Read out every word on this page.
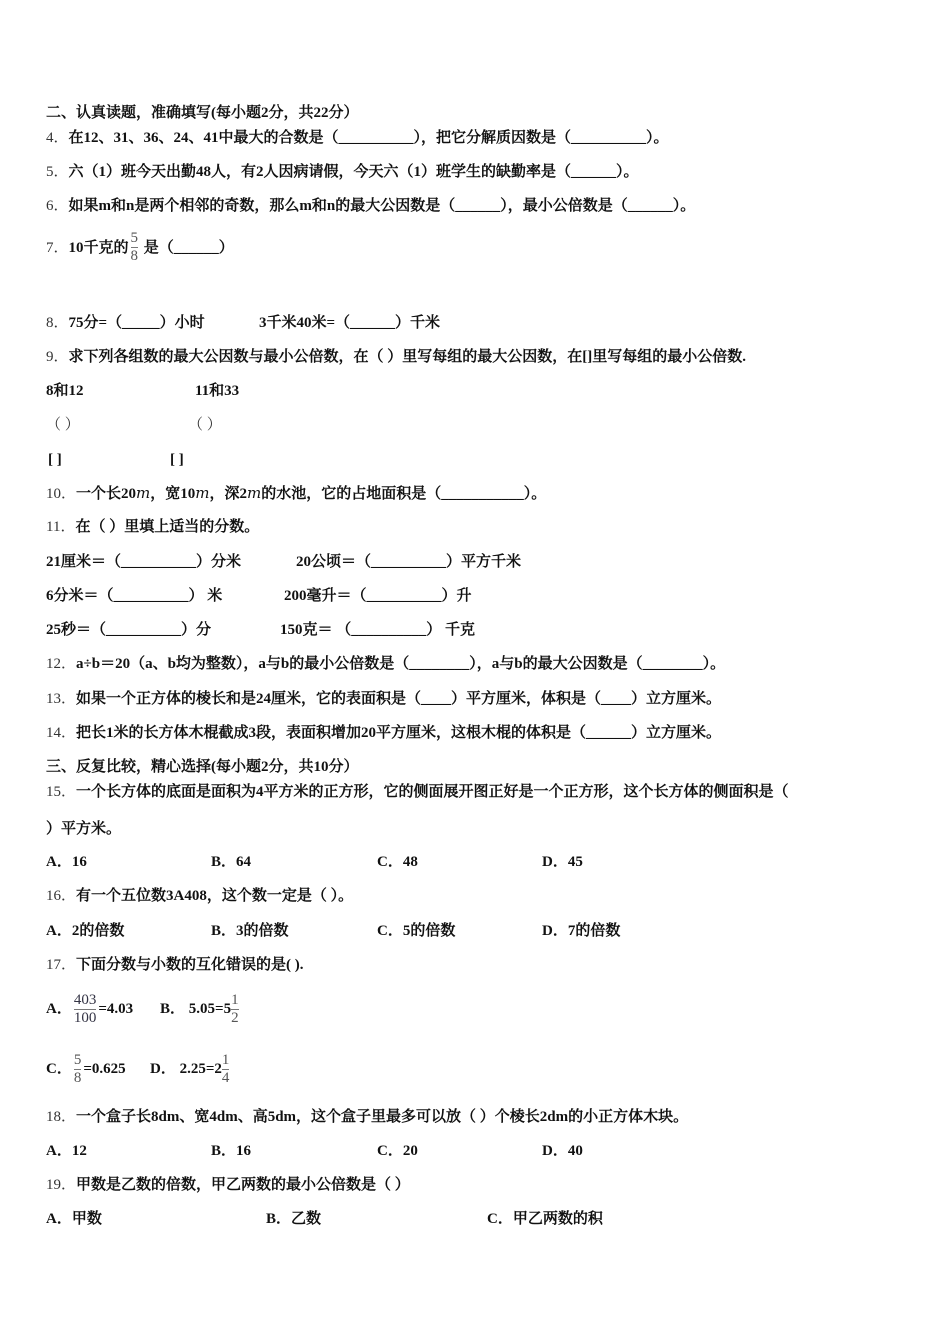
二、认真读题，准确填写(每小题2分，共22分）
4．在12、31、36、24、41中最大的合数是（__________），把它分解质因数是（__________）。
5．六（1）班今天出勤48人，有2人因病请假，今天六（1）班学生的缺勤率是（______）。
6．如果m和n是两个相邻的奇数，那么m和n的最大公因数是（______），最小公倍数是（______）。
7．10千克的 $\frac{5}{8}$ 是（______）
8．75分=（_____）小时	3千米40米=（______）千米
9．求下列各组数的最大公因数与最小公倍数，在（ ）里写每组的最大公因数，在[]里写每组的最小公倍数.
8和12	11和33
（ ）	（ ）
[ ]	[ ]
10．一个长20m，宽10m，深2m的水池，它的占地面积是（___________）。
11．在（ ）里填上适当的分数。
21厘米＝（__________）分米	20公顷＝（__________）平方千米
6分米＝（__________） 米	200毫升＝（__________）升
25秒＝（__________）分	150克＝ （__________） 千克
12．a÷b＝20（a、b均为整数），a与b的最小公倍数是（________），a与b的最大公因数是（________）。
13．如果一个正方体的棱长和是24厘米，它的表面积是（____）平方厘米，体积是（____）立方厘米。
14．把长1米的长方体木棍截成3段，表面积增加20平方厘米，这根木棍的体积是（______）立方厘米。
三、反复比较，精心选择(每小题2分，共10分）
15．一个长方体的底面是面积为4平方米的正方形，它的侧面展开图正好是一个正方形，这个长方体的侧面积是（
）平方米。
A．16	B．64	C．48	D．45
16．有一个五位数3A408，这个数一定是（ ）。
A．2的倍数	B．3的倍数	C．5的倍数	D．7的倍数
17．下面分数与小数的互化错误的是( ).
A． $\frac{403}{100} =4.03$ B． $5.05=5 \frac{1}{2}$
C． $\frac{5}{8} =0.625$ D． $2.25=2 \frac{1}{4}$
18．一个盒子长8dm、宽4dm、高5dm，这个盒子里最多可以放（ ）个棱长2dm的小正方体木块。
A．12	B．16	C．20	D．40
19．甲数是乙数的倍数，甲乙两数的最小公倍数是（ ）
A．甲数	B．乙数	C．甲乙两数的积
